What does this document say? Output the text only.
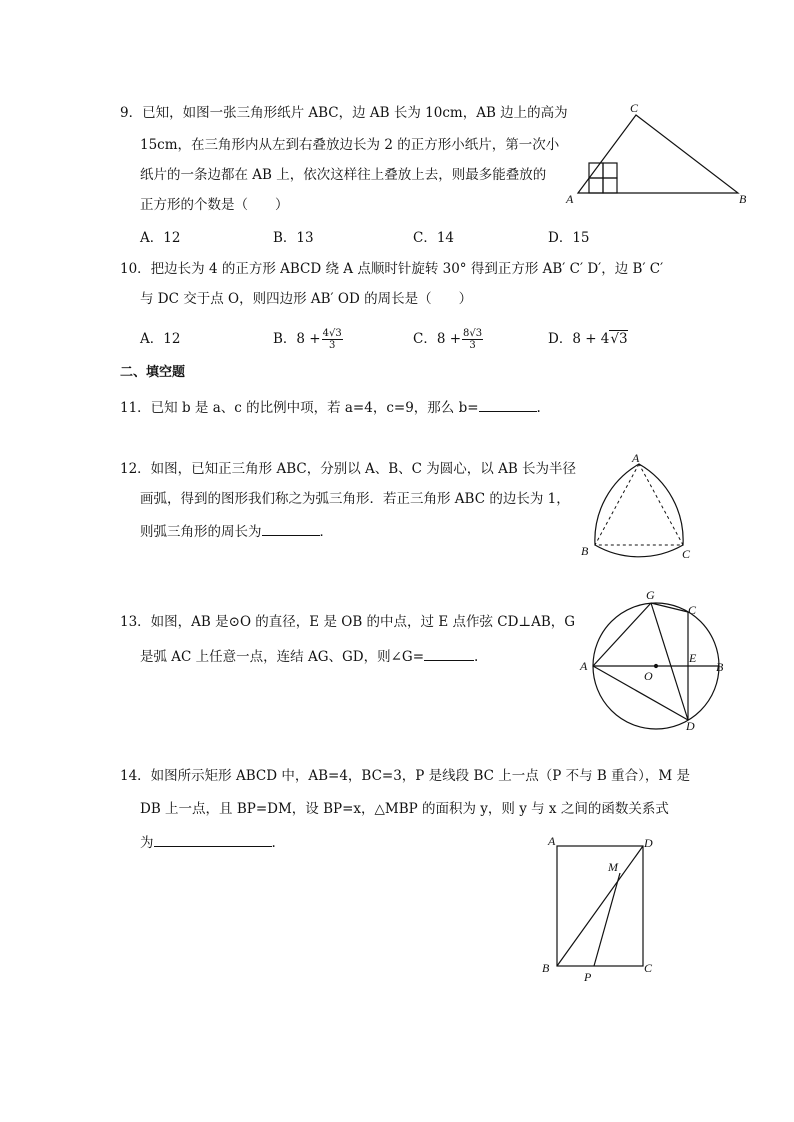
9．已知，如图一张三角形纸片 ABC，边 AB 长为 10cm，AB 边上的高为
15cm，在三角形内从左到右叠放边长为 2 的正方形小纸片，第一次小
纸片的一条边都在 AB 上，依次这样往上叠放上去，则最多能叠放的
正方形的个数是（　　）
A．12	B．13	C．14	D．15
C
A	B
10．把边长为 4 的正方形 ABCD 绕 A 点顺时针旋转 30° 得到正方形 AB′ C′ D′，边 B′ C′
与 DC 交于点 O，则四边形 AB′ OD 的周长是（　　）
A．12	B．$8 + \frac{4√3}{3}$	C．$8 + \frac{8√3}{3}$	D．8 + 4√3
二、填空题
11．已知 b 是 a、c 的比例中项，若 a=4，c=9，那么 b=	.
12．如图，已知正三角形 ABC，分别以 A、B、C 为圆心，以 AB 长为半径
画弧，得到的图形我们称之为弧三角形．若正三角形 ABC 的边长为 1，
则弧三角形的周长为	．
A
B	C
13．如图，AB 是⊙O 的直径，E 是 OB 的中点，过 E 点作弦 CD⊥AB，G
是弧 AC 上任意一点，连结 AG、GD，则∠G=	.
G
C
A
E
B
O
D
14．如图所示矩形 ABCD 中，AB=4，BC=3，P 是线段 BC 上一点（P 不与 B 重合），M 是
DB 上一点，且 BP=DM，设 BP=x，△MBP 的面积为 y，则 y 与 x 之间的函数关系式
为	.	A	D
M
B
P
C
